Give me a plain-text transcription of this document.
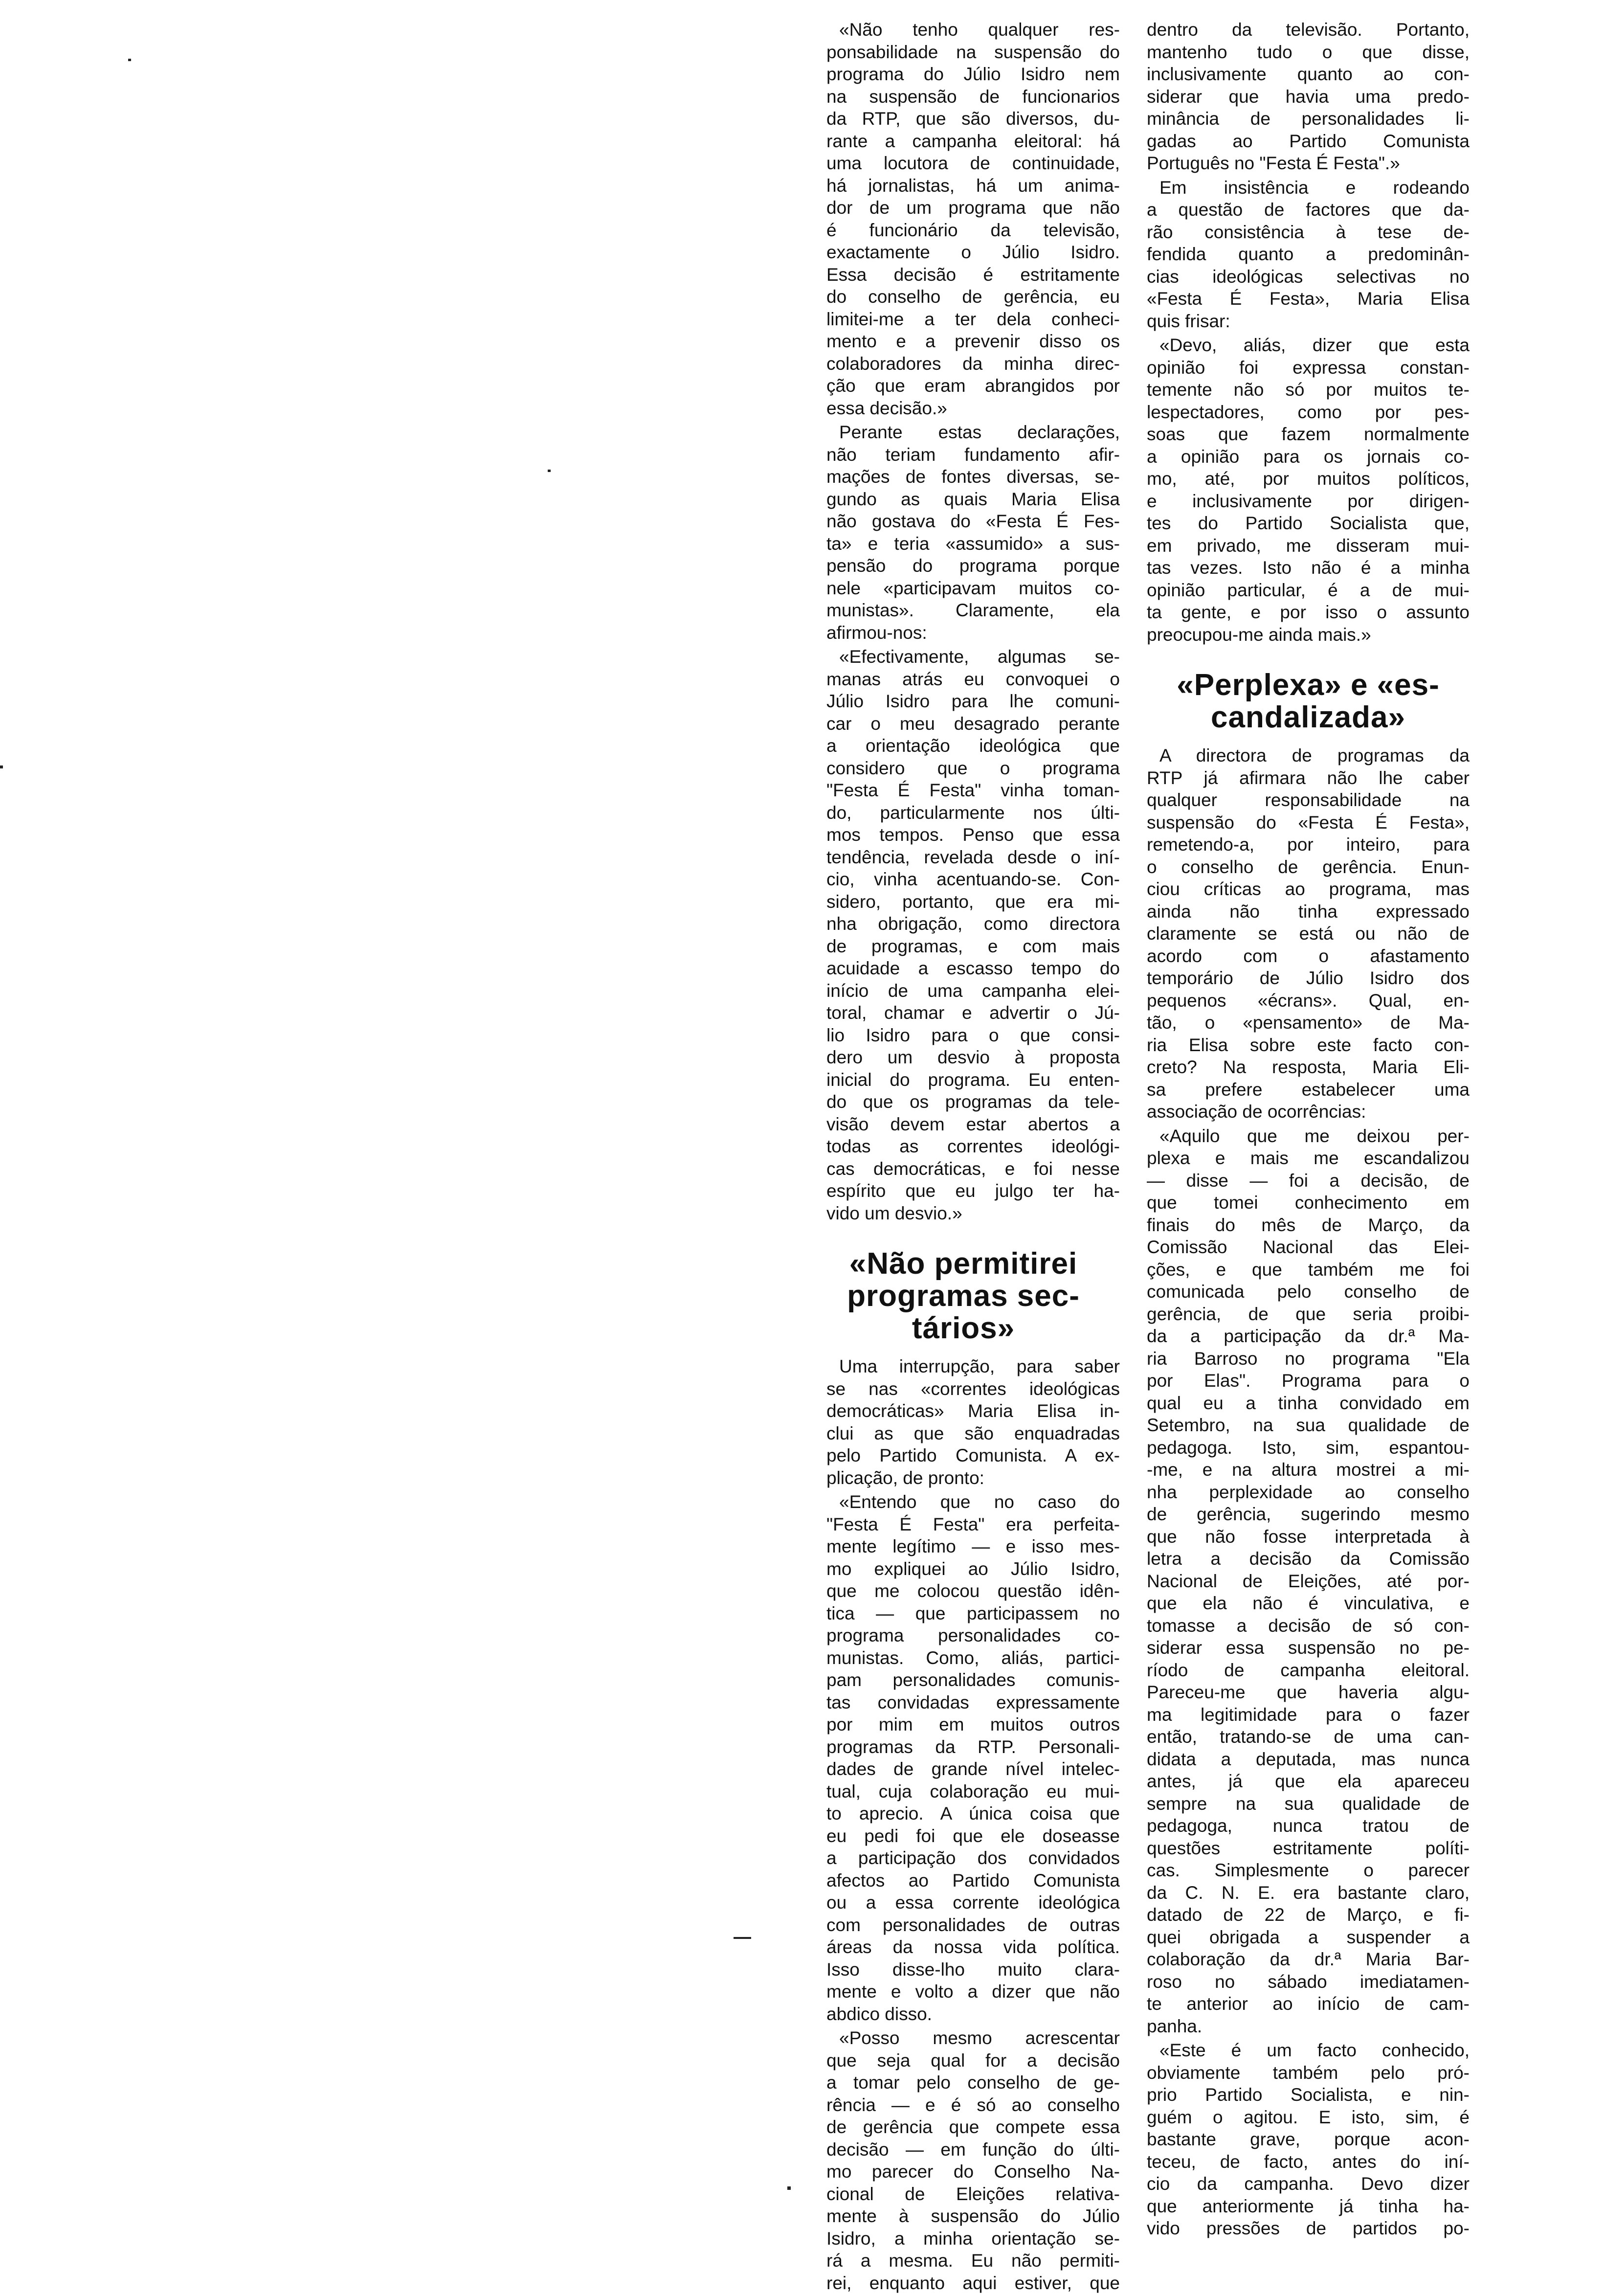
«Não tenho qualquer res-
ponsabilidade na suspensão do
programa do Júlio Isidro nem
na suspensão de funcionarios
da RTP, que são diversos, du-
rante a campanha eleitoral: há
uma locutora de continuidade,
há jornalistas, há um anima-
dor de um programa que não
é funcionário da televisão,
exactamente o Júlio Isidro.
Essa decisão é estritamente
do conselho de gerência, eu
limitei-me a ter dela conheci-
mento e a prevenir disso os
colaboradores da minha direc-
ção que eram abrangidos por
essa decisão.»
Perante estas declarações,
não teriam fundamento afir-
mações de fontes diversas, se-
gundo as quais Maria Elisa
não gostava do «Festa É Fes-
ta» e teria «assumido» a sus-
pensão do programa porque
nele «participavam muitos co-
munistas». Claramente, ela
afirmou-nos:
«Efectivamente, algumas se-
manas atrás eu convoquei o
Júlio Isidro para lhe comuni-
car o meu desagrado perante
a orientação ideológica que
considero que o programa
"Festa É Festa" vinha toman-
do, particularmente nos últi-
mos tempos. Penso que essa
tendência, revelada desde o iní-
cio, vinha acentuando-se. Con-
sidero, portanto, que era mi-
nha obrigação, como directora
de programas, e com mais
acuidade a escasso tempo do
início de uma campanha elei-
toral, chamar e advertir o Jú-
lio Isidro para o que consi-
dero um desvio à proposta
inicial do programa. Eu enten-
do que os programas da tele-
visão devem estar abertos a
todas as correntes ideológi-
cas democráticas, e foi nesse
espírito que eu julgo ter ha-
vido um desvio.»
«Não permitirei
programas sec-
tários»
Uma interrupção, para saber
se nas «correntes ideológicas
democráticas» Maria Elisa in-
clui as que são enquadradas
pelo Partido Comunista. A ex-
plicação, de pronto:
«Entendo que no caso do
"Festa É Festa" era perfeita-
mente legítimo — e isso mes-
mo expliquei ao Júlio Isidro,
que me colocou questão idên-
tica — que participassem no
programa personalidades co-
munistas. Como, aliás, partici-
pam personalidades comunis-
tas convidadas expressamente
por mim em muitos outros
programas da RTP. Personali-
dades de grande nível intelec-
tual, cuja colaboração eu mui-
to aprecio. A única coisa que
eu pedi foi que ele doseasse
a participação dos convidados
afectos ao Partido Comunista
ou a essa corrente ideológica
com personalidades de outras
áreas da nossa vida política.
Isso disse-lho muito clara-
mente e volto a dizer que não
abdico disso.
«Posso mesmo acrescentar
que seja qual for a decisão
a tomar pelo conselho de ge-
rência — e é só ao conselho
de gerência que compete essa
decisão — em função do últi-
mo parecer do Conselho Na-
cional de Eleições relativa-
mente à suspensão do Júlio
Isidro, a minha orientação se-
rá a mesma. Eu não permiti-
rei, enquanto aqui estiver, que
dentro da televisão. Portanto,
mantenho tudo o que disse,
inclusivamente quanto ao con-
siderar que havia uma predo-
minância de personalidades li-
gadas ao Partido Comunista
Português no "Festa É Festa".»
Em insistência e rodeando
a questão de factores que da-
rão consistência à tese de-
fendida quanto a predominân-
cias ideológicas selectivas no
«Festa É Festa», Maria Elisa
quis frisar:
«Devo, aliás, dizer que esta
opinião foi expressa constan-
temente não só por muitos te-
lespectadores, como por pes-
soas que fazem normalmente
a opinião para os jornais co-
mo, até, por muitos políticos,
e inclusivamente por dirigen-
tes do Partido Socialista que,
em privado, me disseram mui-
tas vezes. Isto não é a minha
opinião particular, é a de mui-
ta gente, e por isso o assunto
preocupou-me ainda mais.»
«Perplexa» e «es-
candalizada»
A directora de programas da
RTP já afirmara não lhe caber
qualquer responsabilidade na
suspensão do «Festa É Festa»,
remetendo-a, por inteiro, para
o conselho de gerência. Enun-
ciou críticas ao programa, mas
ainda não tinha expressado
claramente se está ou não de
acordo com o afastamento
temporário de Júlio Isidro dos
pequenos «écrans». Qual, en-
tão, o «pensamento» de Ma-
ria Elisa sobre este facto con-
creto? Na resposta, Maria Eli-
sa prefere estabelecer uma
associação de ocorrências:
«Aquilo que me deixou per-
plexa e mais me escandalizou
— disse — foi a decisão, de
que tomei conhecimento em
finais do mês de Março, da
Comissão Nacional das Elei-
ções, e que também me foi
comunicada pelo conselho de
gerência, de que seria proibi-
da a participação da dr.ª Ma-
ria Barroso no programa "Ela
por Elas". Programa para o
qual eu a tinha convidado em
Setembro, na sua qualidade de
pedagoga. Isto, sim, espantou-
-me, e na altura mostrei a mi-
nha perplexidade ao conselho
de gerência, sugerindo mesmo
que não fosse interpretada à
letra a decisão da Comissão
Nacional de Eleições, até por-
que ela não é vinculativa, e
tomasse a decisão de só con-
siderar essa suspensão no pe-
ríodo de campanha eleitoral.
Pareceu-me que haveria algu-
ma legitimidade para o fazer
então, tratando-se de uma can-
didata a deputada, mas nunca
antes, já que ela apareceu
sempre na sua qualidade de
pedagoga, nunca tratou de
questões estritamente políti-
cas. Simplesmente o parecer
da C. N. E. era bastante claro,
datado de 22 de Março, e fi-
quei obrigada a suspender a
colaboração da dr.ª Maria Bar-
roso no sábado imediatamen-
te anterior ao início de cam-
panha.
«Este é um facto conhecido,
obviamente também pelo pró-
prio Partido Socialista, e nin-
guém o agitou. E isto, sim, é
bastante grave, porque acon-
teceu, de facto, antes do iní-
cio da campanha. Devo dizer
que anteriormente já tinha ha-
vido pressões de partidos po-
